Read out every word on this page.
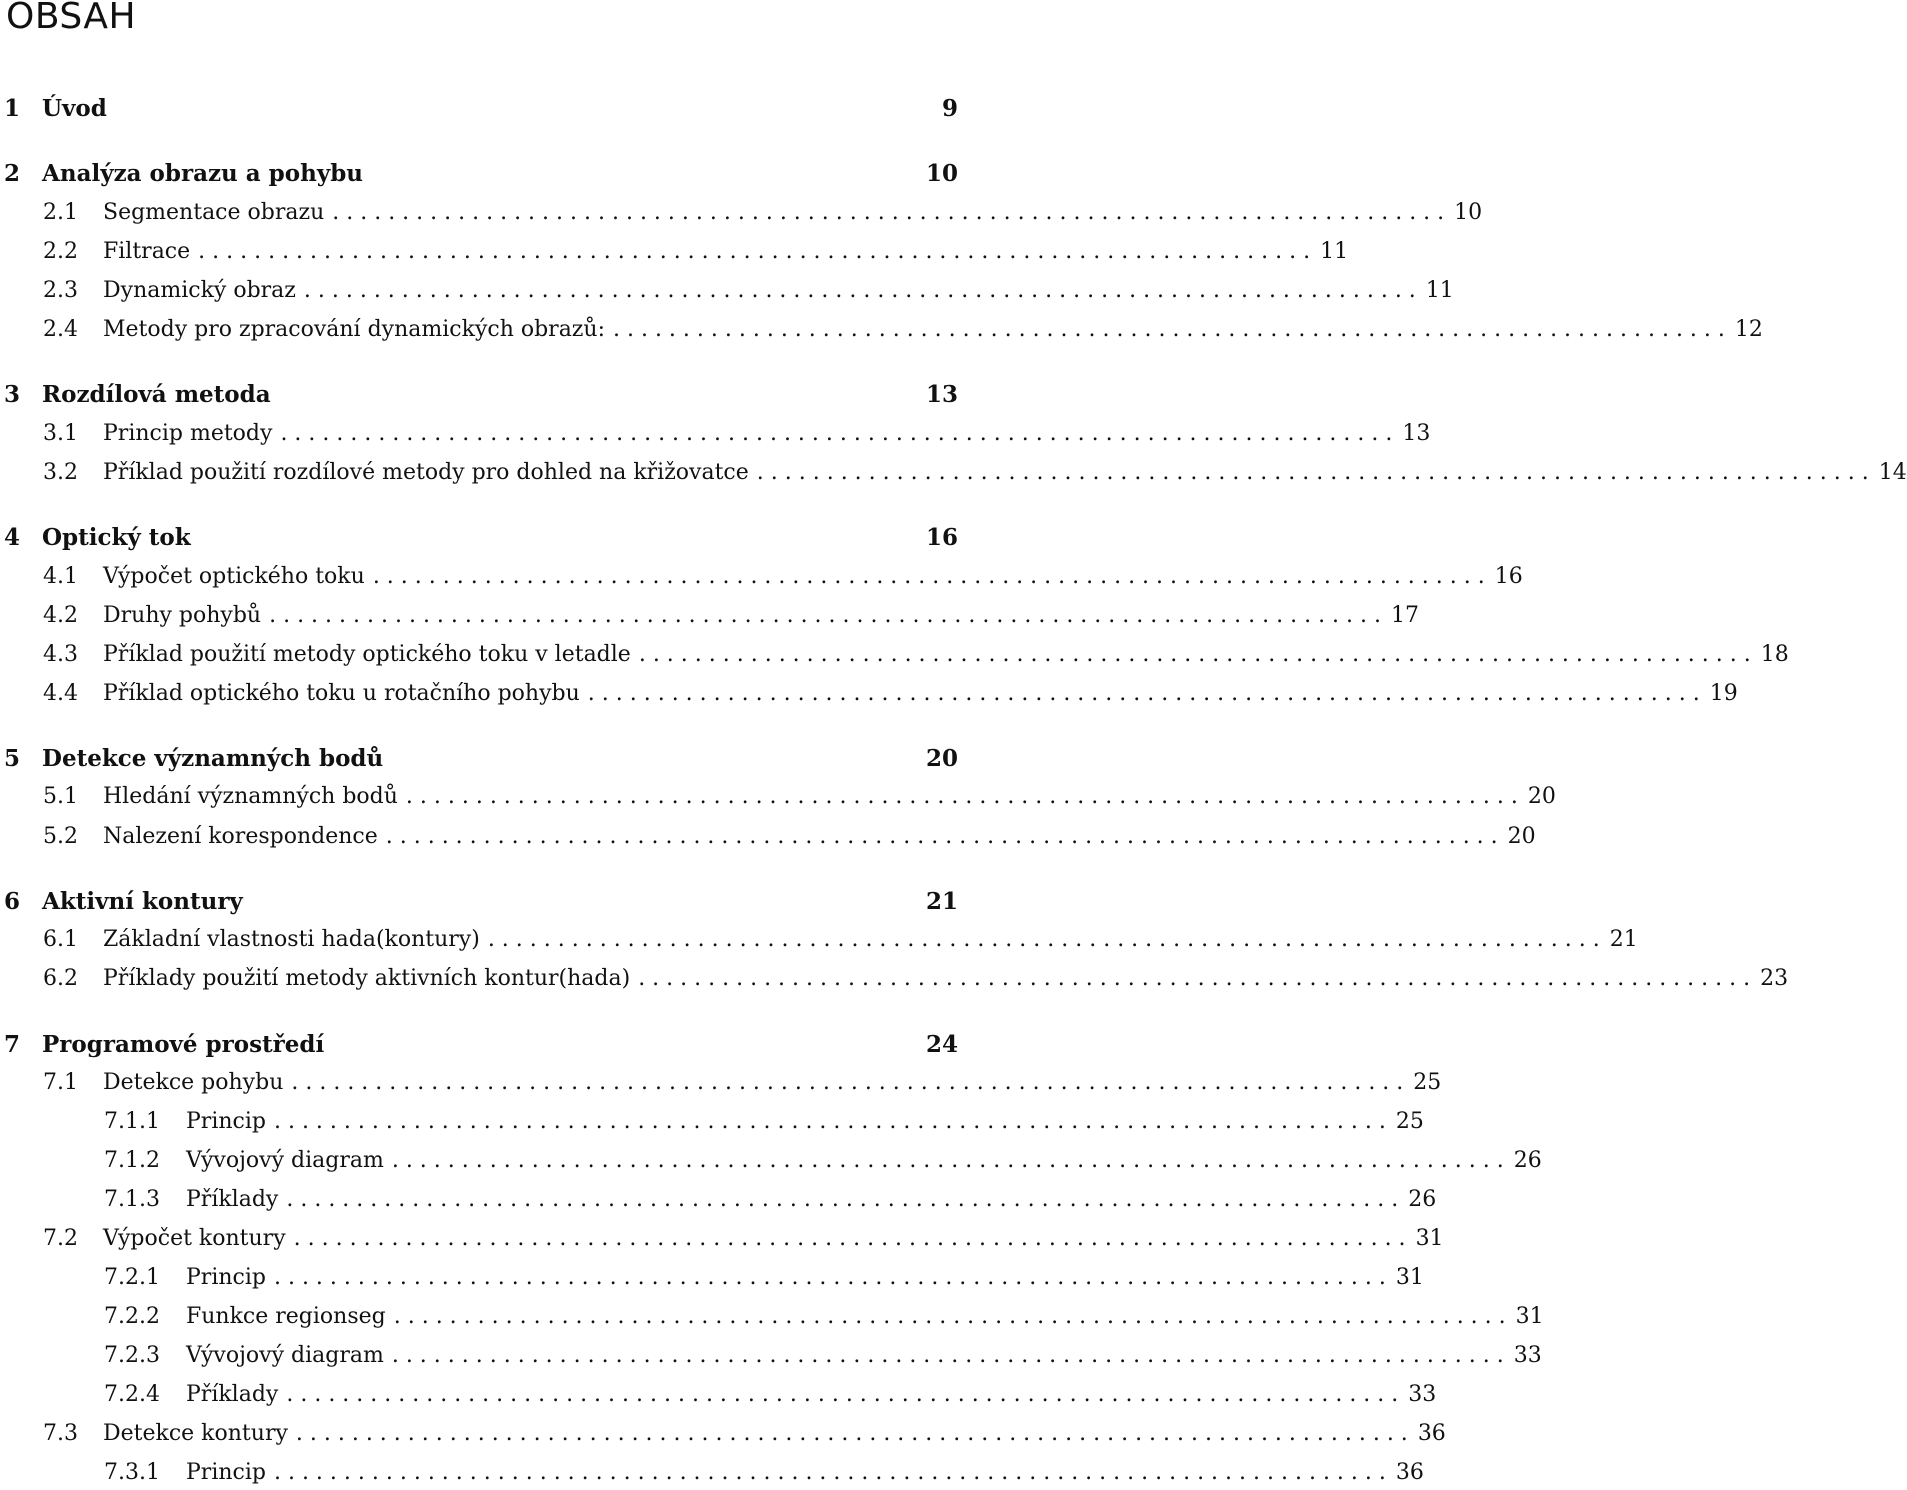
OBSAH
1 Úvod	9
2 Analýza obrazu a pohybu	10
2.1	Segmentace obrazu . . . . . . . . . . . . . . . . . . . . . . . . . . . . . . . . . . . . . . . . . . . . . . . . . . . . . . . . . . . . . . . . . . . . . . . . . . . . . . . . 10
2.2	Filtrace . . . . . . . . . . . . . . . . . . . . . . . . . . . . . . . . . . . . . . . . . . . . . . . . . . . . . . . . . . . . . . . . . . . . . . . . . . . . . . . . 11
2.3	Dynamický obraz . . . . . . . . . . . . . . . . . . . . . . . . . . . . . . . . . . . . . . . . . . . . . . . . . . . . . . . . . . . . . . . . . . . . . . . . . . . . . . . . 11
2.4	Metody pro zpracování dynamických obrazů: . . . . . . . . . . . . . . . . . . . . . . . . . . . . . . . . . . . . . . . . . . . . . . . . . . . . . . . . . . . . . . . . . . . . . . . . . . . . . . . . 12
3 Rozdílová metoda	13
3.1	Princip metody . . . . . . . . . . . . . . . . . . . . . . . . . . . . . . . . . . . . . . . . . . . . . . . . . . . . . . . . . . . . . . . . . . . . . . . . . . . . . . . . 13
3.2	Příklad použití rozdílové metody pro dohled na křižovatce . . . . . . . . . . . . . . . . . . . . . . . . . . . . . . . . . . . . . . . . . . . . . . . . . . . . . . . . . . . . . . . . . . . . . . . . . . . . . . . . 14
4 Optický tok	16
4.1	Výpočet optického toku . . . . . . . . . . . . . . . . . . . . . . . . . . . . . . . . . . . . . . . . . . . . . . . . . . . . . . . . . . . . . . . . . . . . . . . . . . . . . . . . 16
4.2	Druhy pohybů . . . . . . . . . . . . . . . . . . . . . . . . . . . . . . . . . . . . . . . . . . . . . . . . . . . . . . . . . . . . . . . . . . . . . . . . . . . . . . . . 17
4.3	Příklad použití metody optického toku v letadle . . . . . . . . . . . . . . . . . . . . . . . . . . . . . . . . . . . . . . . . . . . . . . . . . . . . . . . . . . . . . . . . . . . . . . . . . . . . . . . . 18
4.4	Příklad optického toku u rotačního pohybu . . . . . . . . . . . . . . . . . . . . . . . . . . . . . . . . . . . . . . . . . . . . . . . . . . . . . . . . . . . . . . . . . . . . . . . . . . . . . . . . 19
5 Detekce významných bodů	20
5.1	Hledání významných bodů . . . . . . . . . . . . . . . . . . . . . . . . . . . . . . . . . . . . . . . . . . . . . . . . . . . . . . . . . . . . . . . . . . . . . . . . . . . . . . . . 20
5.2	Nalezení korespondence . . . . . . . . . . . . . . . . . . . . . . . . . . . . . . . . . . . . . . . . . . . . . . . . . . . . . . . . . . . . . . . . . . . . . . . . . . . . . . . . 20
6 Aktivní kontury	21
6.1	Základní vlastnosti hada(kontury) . . . . . . . . . . . . . . . . . . . . . . . . . . . . . . . . . . . . . . . . . . . . . . . . . . . . . . . . . . . . . . . . . . . . . . . . . . . . . . . . 21
6.2	Příklady použití metody aktivních kontur(hada) . . . . . . . . . . . . . . . . . . . . . . . . . . . . . . . . . . . . . . . . . . . . . . . . . . . . . . . . . . . . . . . . . . . . . . . . . . . . . . . . 23
7 Programové prostředí	24
7.1	Detekce pohybu . . . . . . . . . . . . . . . . . . . . . . . . . . . . . . . . . . . . . . . . . . . . . . . . . . . . . . . . . . . . . . . . . . . . . . . . . . . . . . . . 25
7.1.1	Princip . . . . . . . . . . . . . . . . . . . . . . . . . . . . . . . . . . . . . . . . . . . . . . . . . . . . . . . . . . . . . . . . . . . . . . . . . . . . . . . . 25
7.1.2	Vývojový diagram . . . . . . . . . . . . . . . . . . . . . . . . . . . . . . . . . . . . . . . . . . . . . . . . . . . . . . . . . . . . . . . . . . . . . . . . . . . . . . . . 26
7.1.3	Příklady . . . . . . . . . . . . . . . . . . . . . . . . . . . . . . . . . . . . . . . . . . . . . . . . . . . . . . . . . . . . . . . . . . . . . . . . . . . . . . . . 26
7.2	Výpočet kontury . . . . . . . . . . . . . . . . . . . . . . . . . . . . . . . . . . . . . . . . . . . . . . . . . . . . . . . . . . . . . . . . . . . . . . . . . . . . . . . . 31
7.2.1	Princip . . . . . . . . . . . . . . . . . . . . . . . . . . . . . . . . . . . . . . . . . . . . . . . . . . . . . . . . . . . . . . . . . . . . . . . . . . . . . . . . 31
7.2.2	Funkce regionseg . . . . . . . . . . . . . . . . . . . . . . . . . . . . . . . . . . . . . . . . . . . . . . . . . . . . . . . . . . . . . . . . . . . . . . . . . . . . . . . . 31
7.2.3	Vývojový diagram . . . . . . . . . . . . . . . . . . . . . . . . . . . . . . . . . . . . . . . . . . . . . . . . . . . . . . . . . . . . . . . . . . . . . . . . . . . . . . . . 33
7.2.4	Příklady . . . . . . . . . . . . . . . . . . . . . . . . . . . . . . . . . . . . . . . . . . . . . . . . . . . . . . . . . . . . . . . . . . . . . . . . . . . . . . . . 33
7.3	Detekce kontury . . . . . . . . . . . . . . . . . . . . . . . . . . . . . . . . . . . . . . . . . . . . . . . . . . . . . . . . . . . . . . . . . . . . . . . . . . . . . . . . 36
7.3.1	Princip . . . . . . . . . . . . . . . . . . . . . . . . . . . . . . . . . . . . . . . . . . . . . . . . . . . . . . . . . . . . . . . . . . . . . . . . . . . . . . . . 36
